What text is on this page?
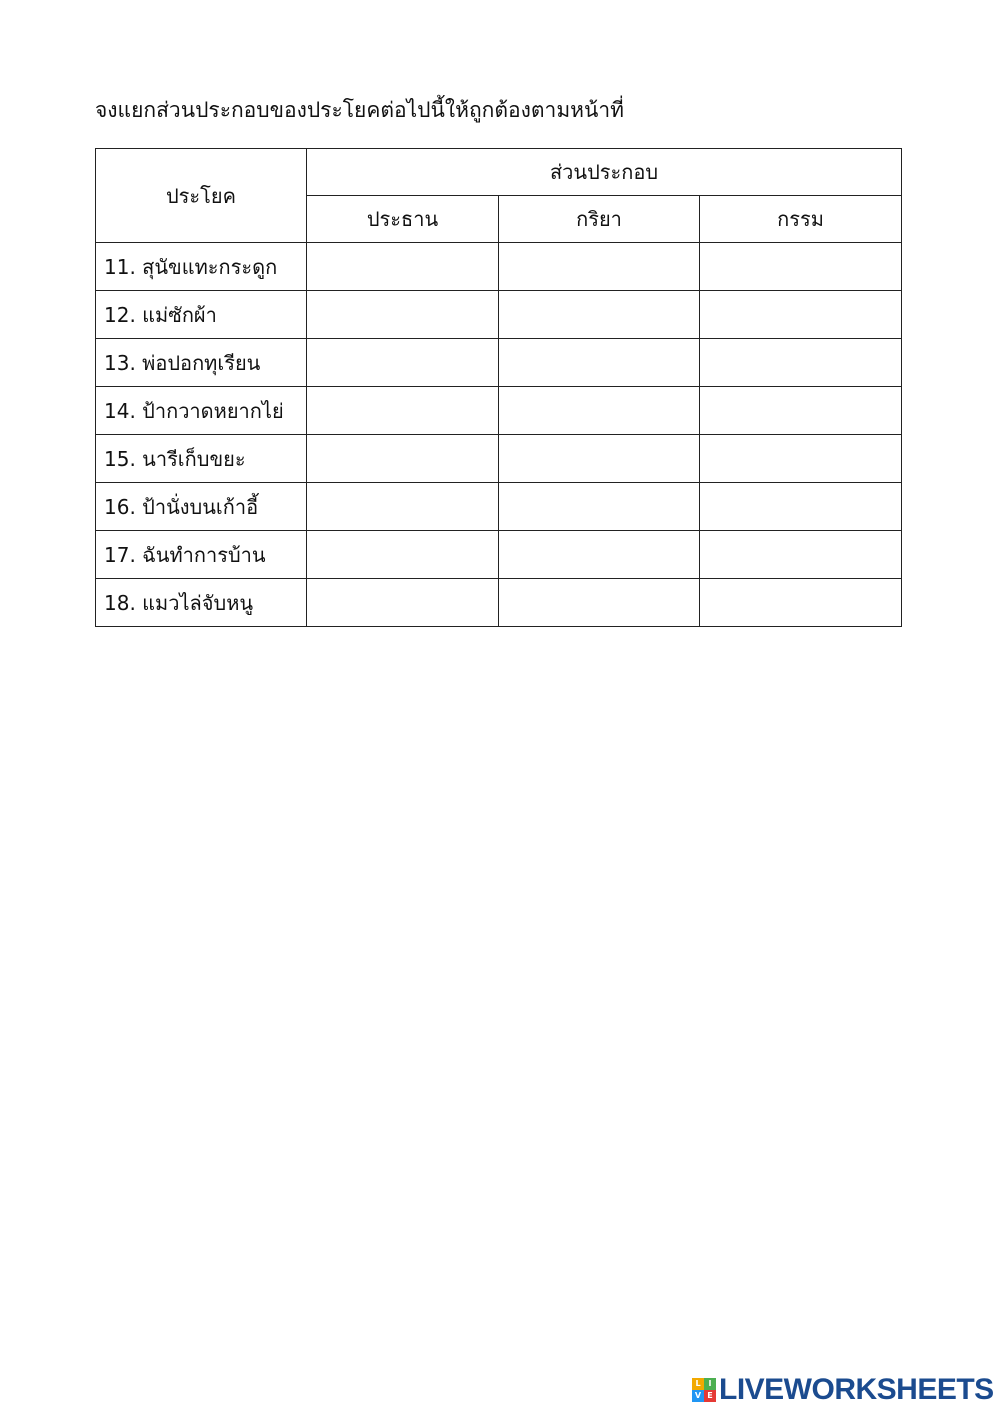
จงแยกส่วนประกอบของประโยคต่อไปนี้ให้ถูกต้องตามหน้าที่
ประโยค	ส่วนประกอบ		
	ประธาน	กริยา	กรรม
11. สุนัขแทะกระดูก			
12. แม่ซักผ้า			
13. พ่อปอกทุเรียน			
14. ป้ากวาดหยากไย่			
15. นารีเก็บขยะ			
16. ป้านั่งบนเก้าอี้			
17. ฉันทำการบ้าน			
18. แมวไล่จับหนู			
L I
V E LIVEWORKSHEETS
